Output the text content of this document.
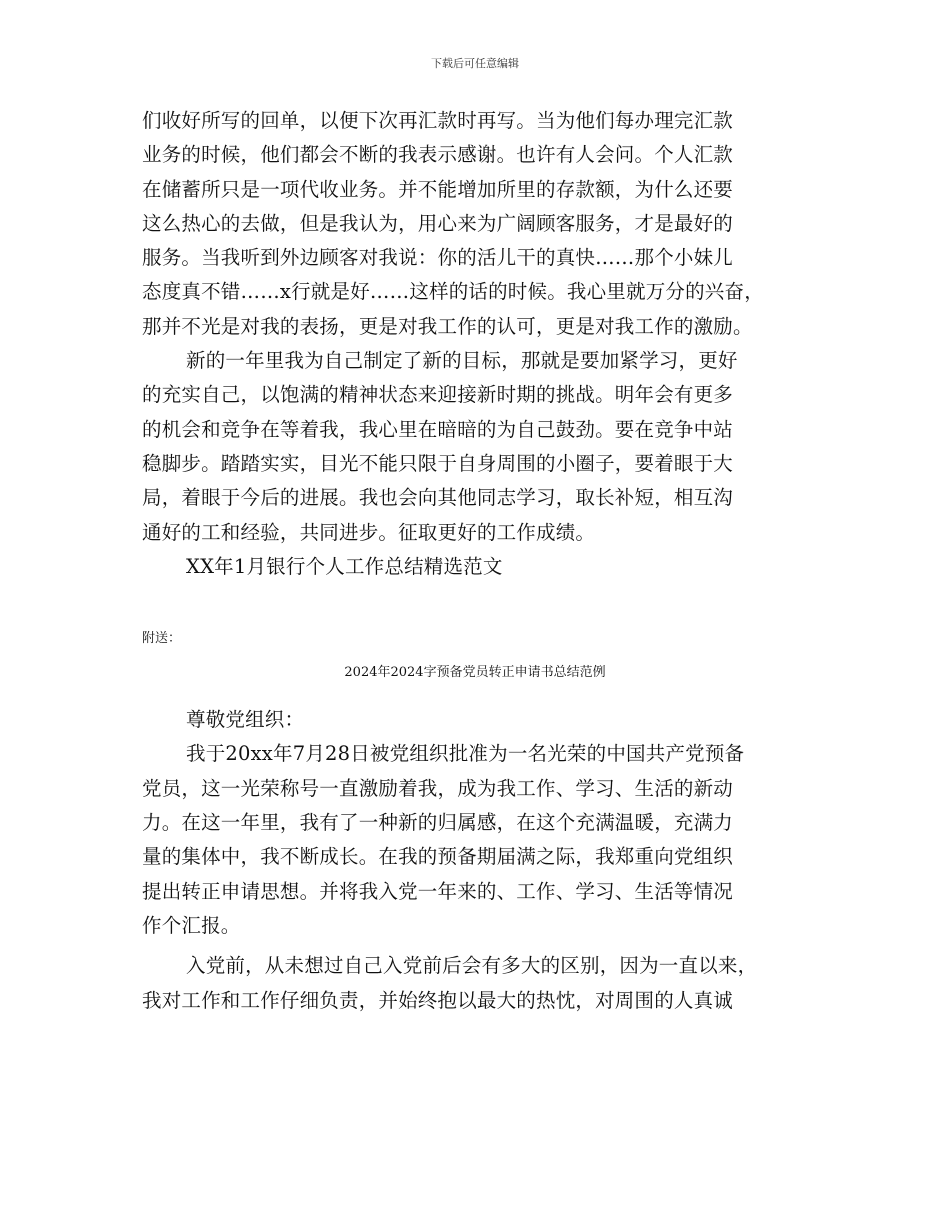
下载后可任意编辑
们收好所写的回单，以便下次再汇款时再写。当为他们每办理完汇款
业务的时候，他们都会不断的我表示感谢。也许有人会问。个人汇款
在储蓄所只是一项代收业务。并不能增加所里的存款额，为什么还要
这么热心的去做，但是我认为，用心来为广阔顾客服务，才是最好的
服务。当我听到外边顾客对我说：你的活儿干的真快……那个小妹儿
态度真不错……x行就是好……这样的话的时候。我心里就万分的兴奋，
那并不光是对我的表扬，更是对我工作的认可，更是对我工作的激励。
新的一年里我为自己制定了新的目标，那就是要加紧学习，更好
的充实自己，以饱满的精神状态来迎接新时期的挑战。明年会有更多
的机会和竞争在等着我，我心里在暗暗的为自己鼓劲。要在竞争中站
稳脚步。踏踏实实，目光不能只限于自身周围的小圈子，要着眼于大
局，着眼于今后的进展。我也会向其他同志学习，取长补短，相互沟
通好的工和经验，共同进步。征取更好的工作成绩。
XX年1月银行个人工作总结精选范文
附送：
2024年2024字预备党员转正申请书总结范例
尊敬党组织：
我于20xx年7月28日被党组织批准为一名光荣的中国共产党预备
党员，这一光荣称号一直激励着我，成为我工作、学习、生活的新动
力。在这一年里，我有了一种新的归属感，在这个充满温暖，充满力
量的集体中，我不断成长。在我的预备期届满之际，我郑重向党组织
提出转正申请思想。并将我入党一年来的、工作、学习、生活等情况
作个汇报。
入党前，从未想过自己入党前后会有多大的区别，因为一直以来，
我对工作和工作仔细负责，并始终抱以最大的热忱，对周围的人真诚
